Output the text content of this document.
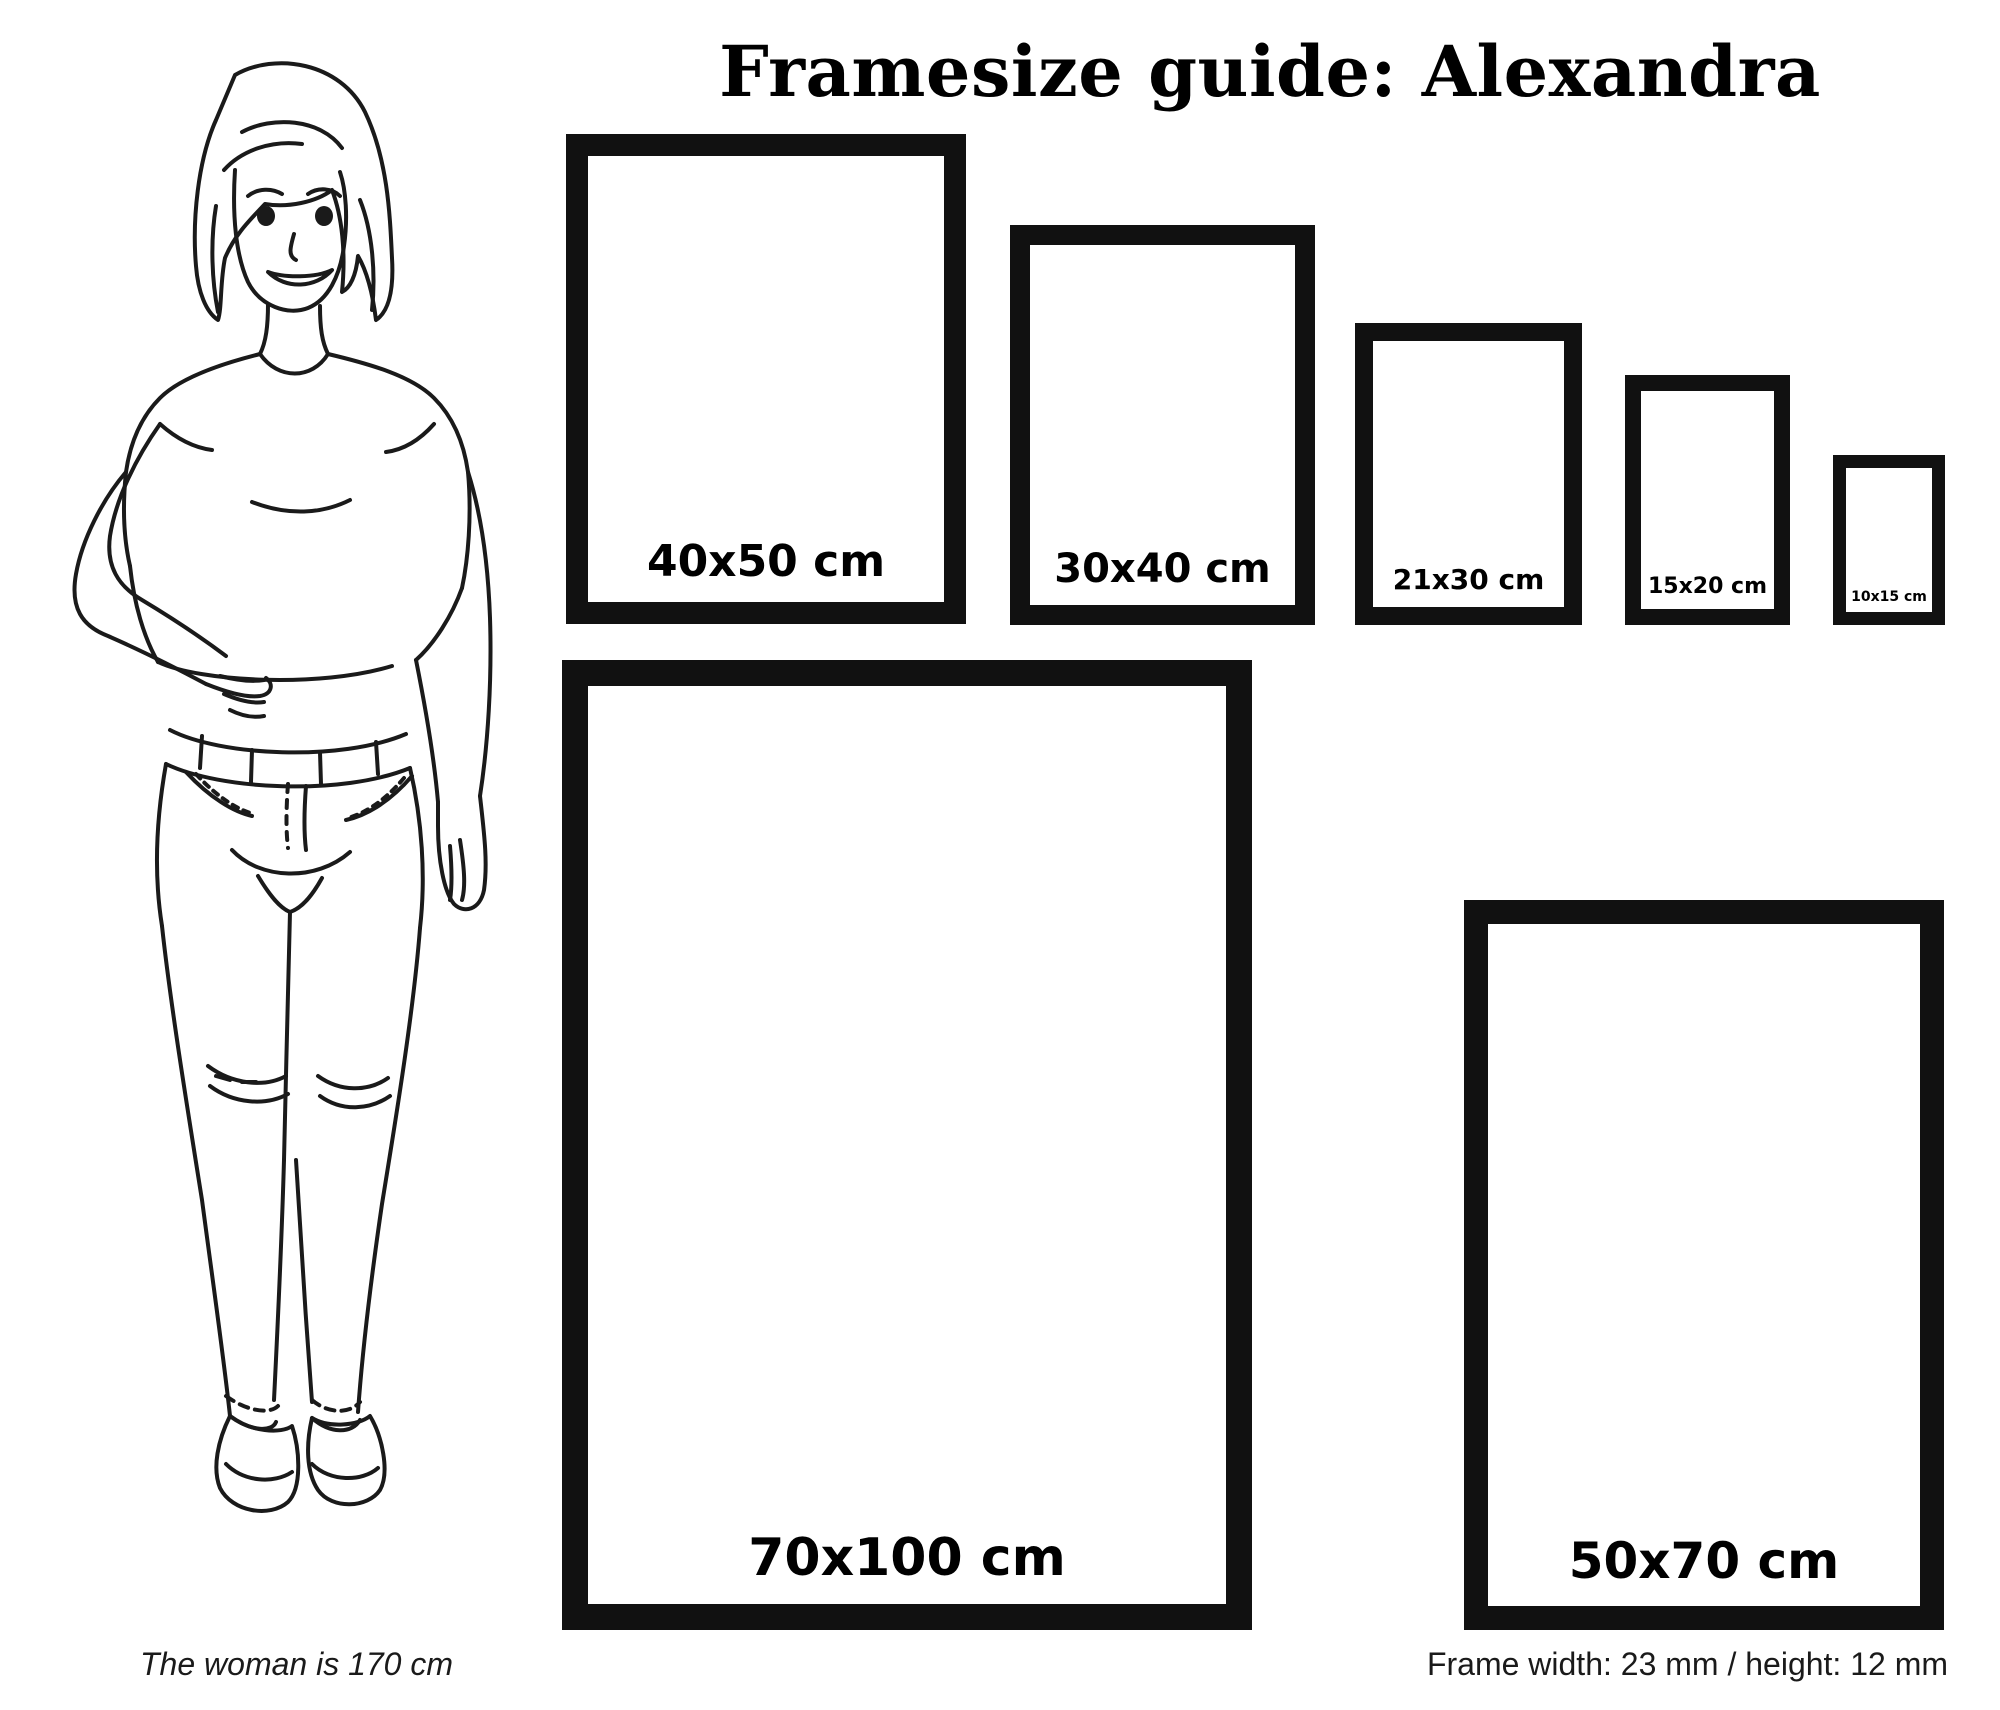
Framesize guide: Alexandra
40x50 cm	30x40 cm	21x30 cm	15x20 cm	10x15 cm
70x100 cm	50x70 cm
The woman is 170 cm	Frame width: 23 mm / height: 12 mm
